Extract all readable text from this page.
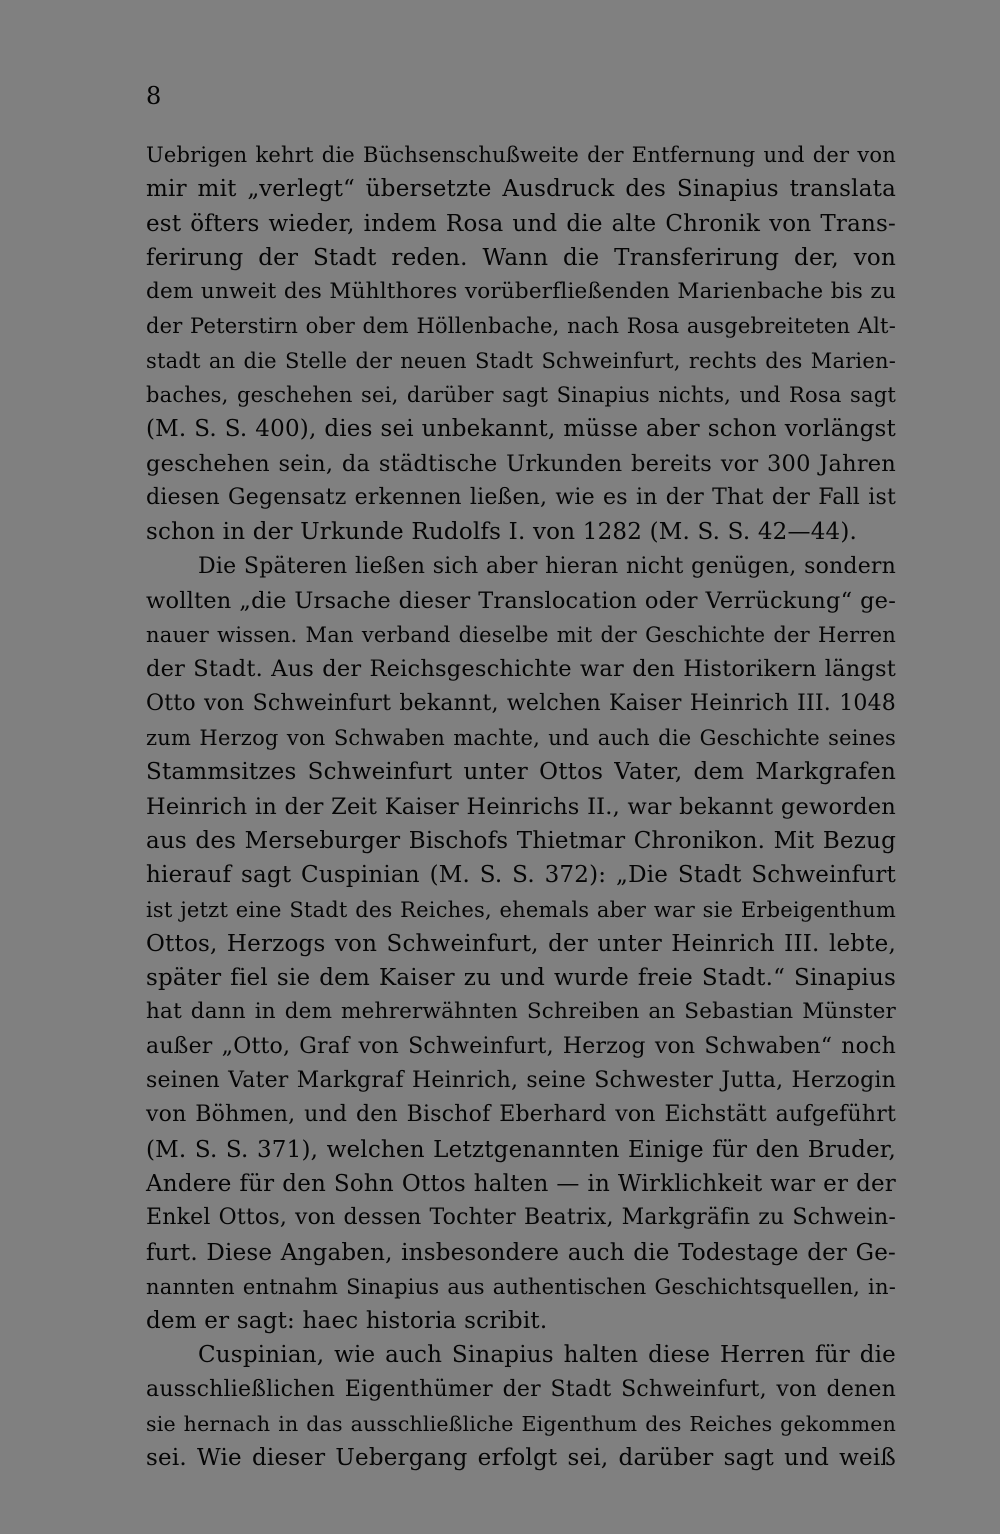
8
Uebrigen kehrt die Büchsenschußweite der Entfernung und der von
mir mit „verlegt“ übersetzte Ausdruck des Sinapius translata
est öfters wieder, indem Rosa und die alte Chronik von Trans-
ferirung der Stadt reden. Wann die Transferirung der, von
dem unweit des Mühlthores vorüberfließenden Marienbache bis zu
der Peterstirn ober dem Höllenbache, nach Rosa ausgebreiteten Alt-
stadt an die Stelle der neuen Stadt Schweinfurt, rechts des Marien-
baches, geschehen sei, darüber sagt Sinapius nichts, und Rosa sagt
(M. S. S. 400), dies sei unbekannt, müsse aber schon vorlängst
geschehen sein, da städtische Urkunden bereits vor 300 Jahren
diesen Gegensatz erkennen ließen, wie es in der That der Fall ist
schon in der Urkunde Rudolfs I. von 1282 (M. S. S. 42—44).
Die Späteren ließen sich aber hieran nicht genügen, sondern
wollten „die Ursache dieser Translocation oder Verrückung“ ge-
nauer wissen. Man verband dieselbe mit der Geschichte der Herren
der Stadt. Aus der Reichsgeschichte war den Historikern längst
Otto von Schweinfurt bekannt, welchen Kaiser Heinrich III. 1048
zum Herzog von Schwaben machte, und auch die Geschichte seines
Stammsitzes Schweinfurt unter Ottos Vater, dem Markgrafen
Heinrich in der Zeit Kaiser Heinrichs II., war bekannt geworden
aus des Merseburger Bischofs Thietmar Chronikon. Mit Bezug
hierauf sagt Cuspinian (M. S. S. 372): „Die Stadt Schweinfurt
ist jetzt eine Stadt des Reiches, ehemals aber war sie Erbeigenthum
Ottos, Herzogs von Schweinfurt, der unter Heinrich III. lebte,
später fiel sie dem Kaiser zu und wurde freie Stadt.“ Sinapius
hat dann in dem mehrerwähnten Schreiben an Sebastian Münster
außer „Otto, Graf von Schweinfurt, Herzog von Schwaben“ noch
seinen Vater Markgraf Heinrich, seine Schwester Jutta, Herzogin
von Böhmen, und den Bischof Eberhard von Eichstätt aufgeführt
(M. S. S. 371), welchen Letztgenannten Einige für den Bruder,
Andere für den Sohn Ottos halten — in Wirklichkeit war er der
Enkel Ottos, von dessen Tochter Beatrix, Markgräfin zu Schwein-
furt. Diese Angaben, insbesondere auch die Todestage der Ge-
nannten entnahm Sinapius aus authentischen Geschichtsquellen, in-
dem er sagt: haec historia scribit.
Cuspinian, wie auch Sinapius halten diese Herren für die
ausschließlichen Eigenthümer der Stadt Schweinfurt, von denen
sie hernach in das ausschließliche Eigenthum des Reiches gekommen
sei. Wie dieser Uebergang erfolgt sei, darüber sagt und weiß
